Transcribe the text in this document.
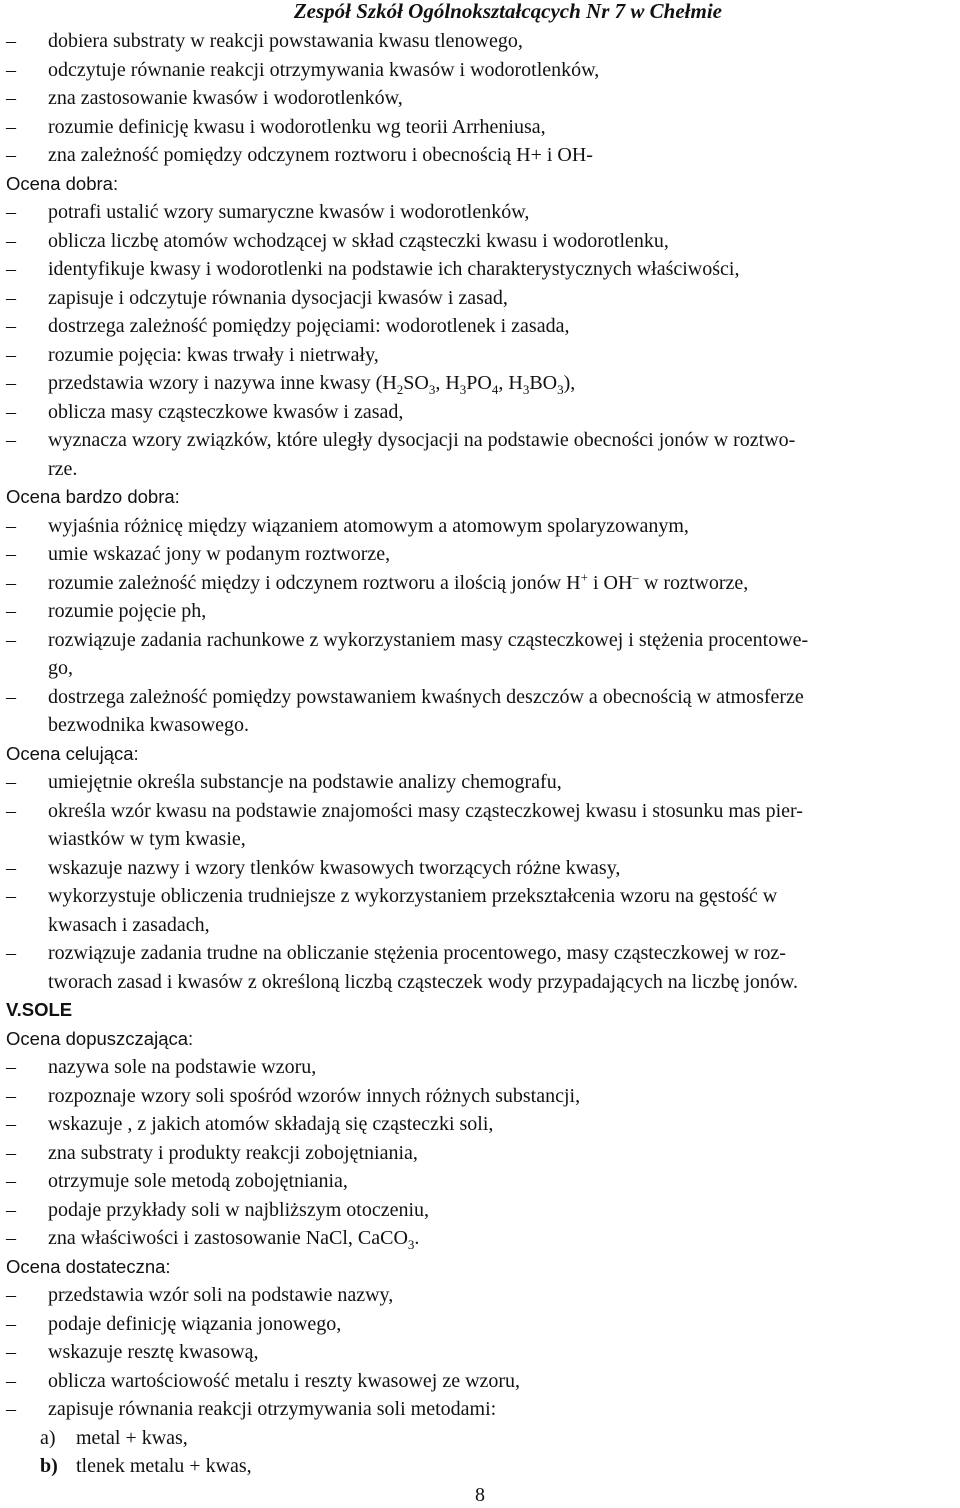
Zespół Szkół Ogólnokształcących Nr 7 w Chełmie
–	dobiera substraty w reakcji powstawania kwasu tlenowego,
–	odczytuje równanie reakcji otrzymywania kwasów i wodorotlenków,
–	zna zastosowanie kwasów i wodorotlenków,
–	rozumie definicję kwasu i wodorotlenku wg teorii Arrheniusa,
–	zna zależność pomiędzy odczynem roztworu i obecnością H+ i OH-
Ocena dobra:
–	potrafi ustalić wzory sumaryczne kwasów i wodorotlenków,
–	oblicza liczbę atomów wchodzącej w skład cząsteczki kwasu i wodorotlenku,
–	identyfikuje kwasy i wodorotlenki na podstawie ich charakterystycznych właściwości,
–	zapisuje i odczytuje równania dysocjacji kwasów i zasad,
–	dostrzega zależność pomiędzy pojęciami: wodorotlenek i zasada,
–	rozumie pojęcia: kwas trwały i nietrwały,
–	przedstawia wzory i nazywa inne kwasy ($H_2SO_3$, $H_3PO_4$, $H_3BO_3$),
–	oblicza masy cząsteczkowe kwasów i zasad,
–	wyznacza wzory związków, które uległy dysocjacji na podstawie obecności jonów w roztwo-
rze.
Ocena bardzo dobra:
–	wyjaśnia różnicę między wiązaniem atomowym a atomowym spolaryzowanym,
–	umie wskazać jony w podanym roztworze,
–	rozumie zależność między i odczynem roztworu a ilością jonów H+ i OH– w roztworze,
–	rozumie pojęcie ph,
–	rozwiązuje zadania rachunkowe z wykorzystaniem masy cząsteczkowej i stężenia procentowe-
go,
–	dostrzega zależność pomiędzy powstawaniem kwaśnych deszczów a obecnością w atmosferze
bezwodnika kwasowego.
Ocena celująca:
–	umiejętnie określa substancje na podstawie analizy chemografu,
–	określa wzór kwasu na podstawie znajomości masy cząsteczkowej kwasu i stosunku mas pier-
wiastków w tym kwasie,
–	wskazuje nazwy i wzory tlenków kwasowych tworzących różne kwasy,
–	wykorzystuje obliczenia trudniejsze z wykorzystaniem przekształcenia wzoru na gęstość w
kwasach i zasadach,
–	rozwiązuje zadania trudne na obliczanie stężenia procentowego, masy cząsteczkowej w roz-
tworach zasad i kwasów z określoną liczbą cząsteczek wody przypadających na liczbę jonów.
V.SOLE
Ocena dopuszczająca:
–	nazywa sole na podstawie wzoru,
–	rozpoznaje wzory soli spośród wzorów innych różnych substancji,
–	wskazuje , z jakich atomów składają się cząsteczki soli,
–	zna substraty i produkty reakcji zobojętniania,
–	otrzymuje sole metodą zobojętniania,
–	podaje przykłady soli w najbliższym otoczeniu,
–	zna właściwości i zastosowanie NaCl, CaCO$_3$.
Ocena dostateczna:
–	przedstawia wzór soli na podstawie nazwy,
–	podaje definicję wiązania jonowego,
–	wskazuje resztę kwasową,
–	oblicza wartościowość metalu i reszty kwasowej ze wzoru,
–	zapisuje równania reakcji otrzymywania soli metodami:
a)	metal + kwas,
b) tlenek metalu + kwas,
8
